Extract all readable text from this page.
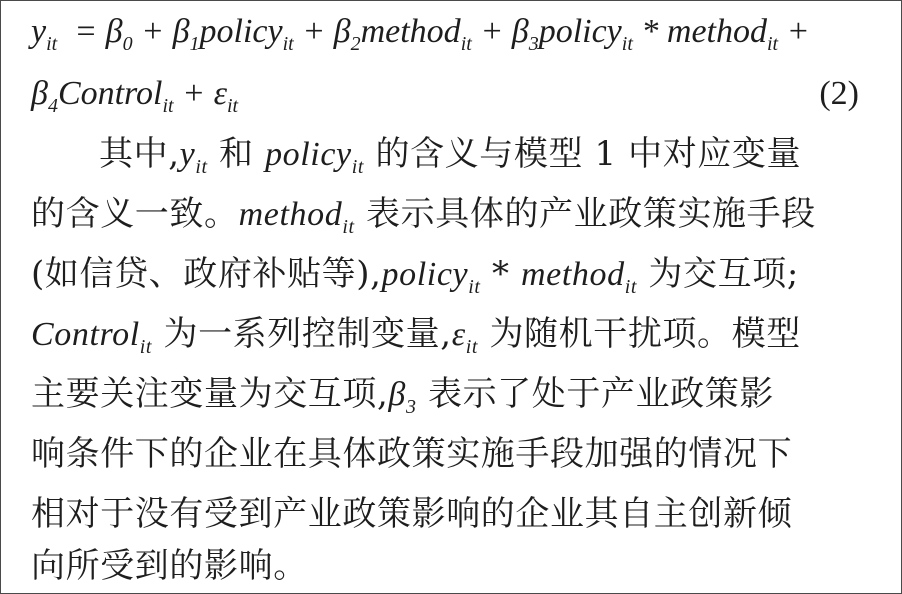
$y_{it} = \beta_0$ + $\beta_1policy_{it}$ + $\beta_2method_{it}$ + $\beta_3policy_{it}$ * method$_{it}$ +
$\beta_4Control_{it} + \varepsilon_{it}$	(2)
其中$,y_{it}$ 和 policy$_{it}$ 的含义与模型 1 中对应变量
的含义一致。method$_{it}$ 表示具体的产业政策实施手段
(如信贷、政府补贴等),policy$_{it}$ * method$_{it}$ 为交互项;
Control$_{it}$ 为一系列控制变量$,\varepsilon_{it}$ 为随机干扰项。模型
主要关注变量为交互项$,\beta_3$ 表示了处于产业政策影
响条件下的企业在具体政策实施手段加强的情况下
相对于没有受到产业政策影响的企业其自主创新倾
向所受到的影响。
